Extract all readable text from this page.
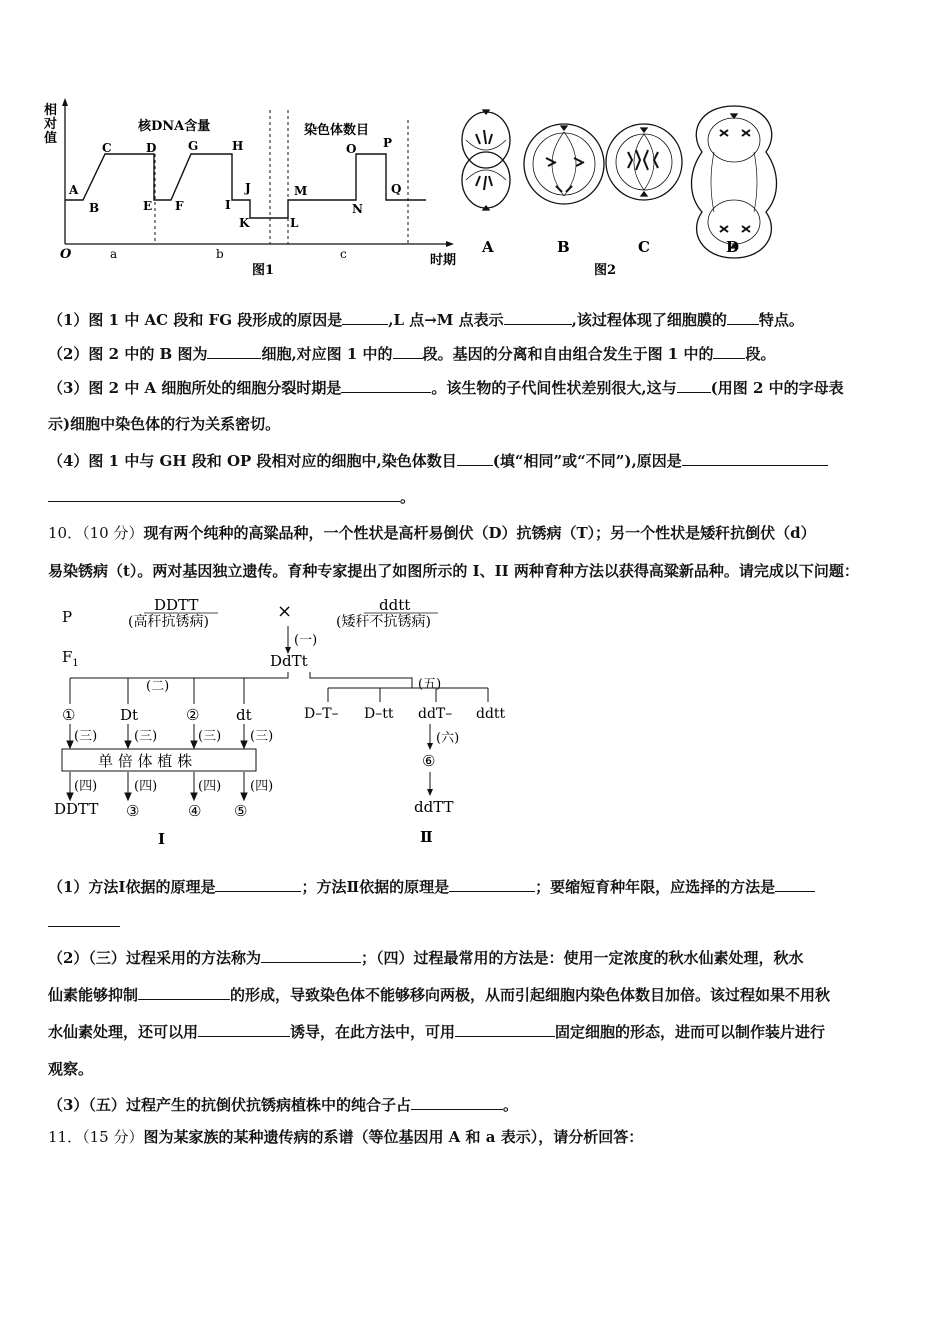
相
对
值
O	时期
图1
核DNA含量	染色体数目
A
B
C	D
E F
G	H
I
J
K	L
M
N
O P
Q
a	b	c	A	B	C	D
图2
（1）图 1 中 AC 段和 FG 段形成的原因是	,L 点→M 点表示	,该过程体现了细胞膜的 特点。
（2）图 2 中的 B 图为	细胞,对应图 1 中的 段。基因的分离和自由组合发生于图 1 中的 段。
（3）图 2 中 A 细胞所处的细胞分裂时期是	。该生物的子代间性状差别很大,这与 (用图 2 中的字母表
示)细胞中染色体的行为关系密切。
（4）图 1 中与 GH 段和 OP 段相对应的细胞中,染色体数目 (填“相同”或“不同”),原因是
。
10．（10 分）现有两个纯种的高粱品种，一个性状是高杆易倒伏（D）抗锈病（T）；另一个性状是矮秆抗倒伏（d）
易染锈病（t）。两对基因独立遗传。育种专家提出了如图所示的 I、II 两种育种方法以获得高粱新品种。请完成以下问题：
P
$F_1$
DDTT
(高秆抗锈病)	×	ddtt
(矮秆不抗锈病)
(一)
DdTt
(二)
①	Dt	② dt
(三)	(三)	(三) (三)
单 倍 体 植 株
(四)	(四)	(四) (四)
DDTT ③	④ ⑤
I
(五)
D–T– D–tt ddT– ddtt
(六)
⑥
ddTT
Ⅱ
（1）方法Ⅰ依据的原理是	；方法Ⅱ依据的原理是	；要缩短育种年限，应选择的方法是
（2）（三）过程采用的方法称为	；（四）过程最常用的方法是：使用一定浓度的秋水仙素处理，秋水
仙素能够抑制	的形成，导致染色体不能够移向两极，从而引起细胞内染色体数目加倍。该过程如果不用秋
水仙素处理，还可以用	诱导，在此方法中，可用	固定细胞的形态，进而可以制作装片进行
观察。
（3）（五）过程产生的抗倒伏抗锈病植株中的纯合子占	。
11．（15 分）图为某家族的某种遗传病的系谱（等位基因用 A 和 a 表示），请分析回答：
